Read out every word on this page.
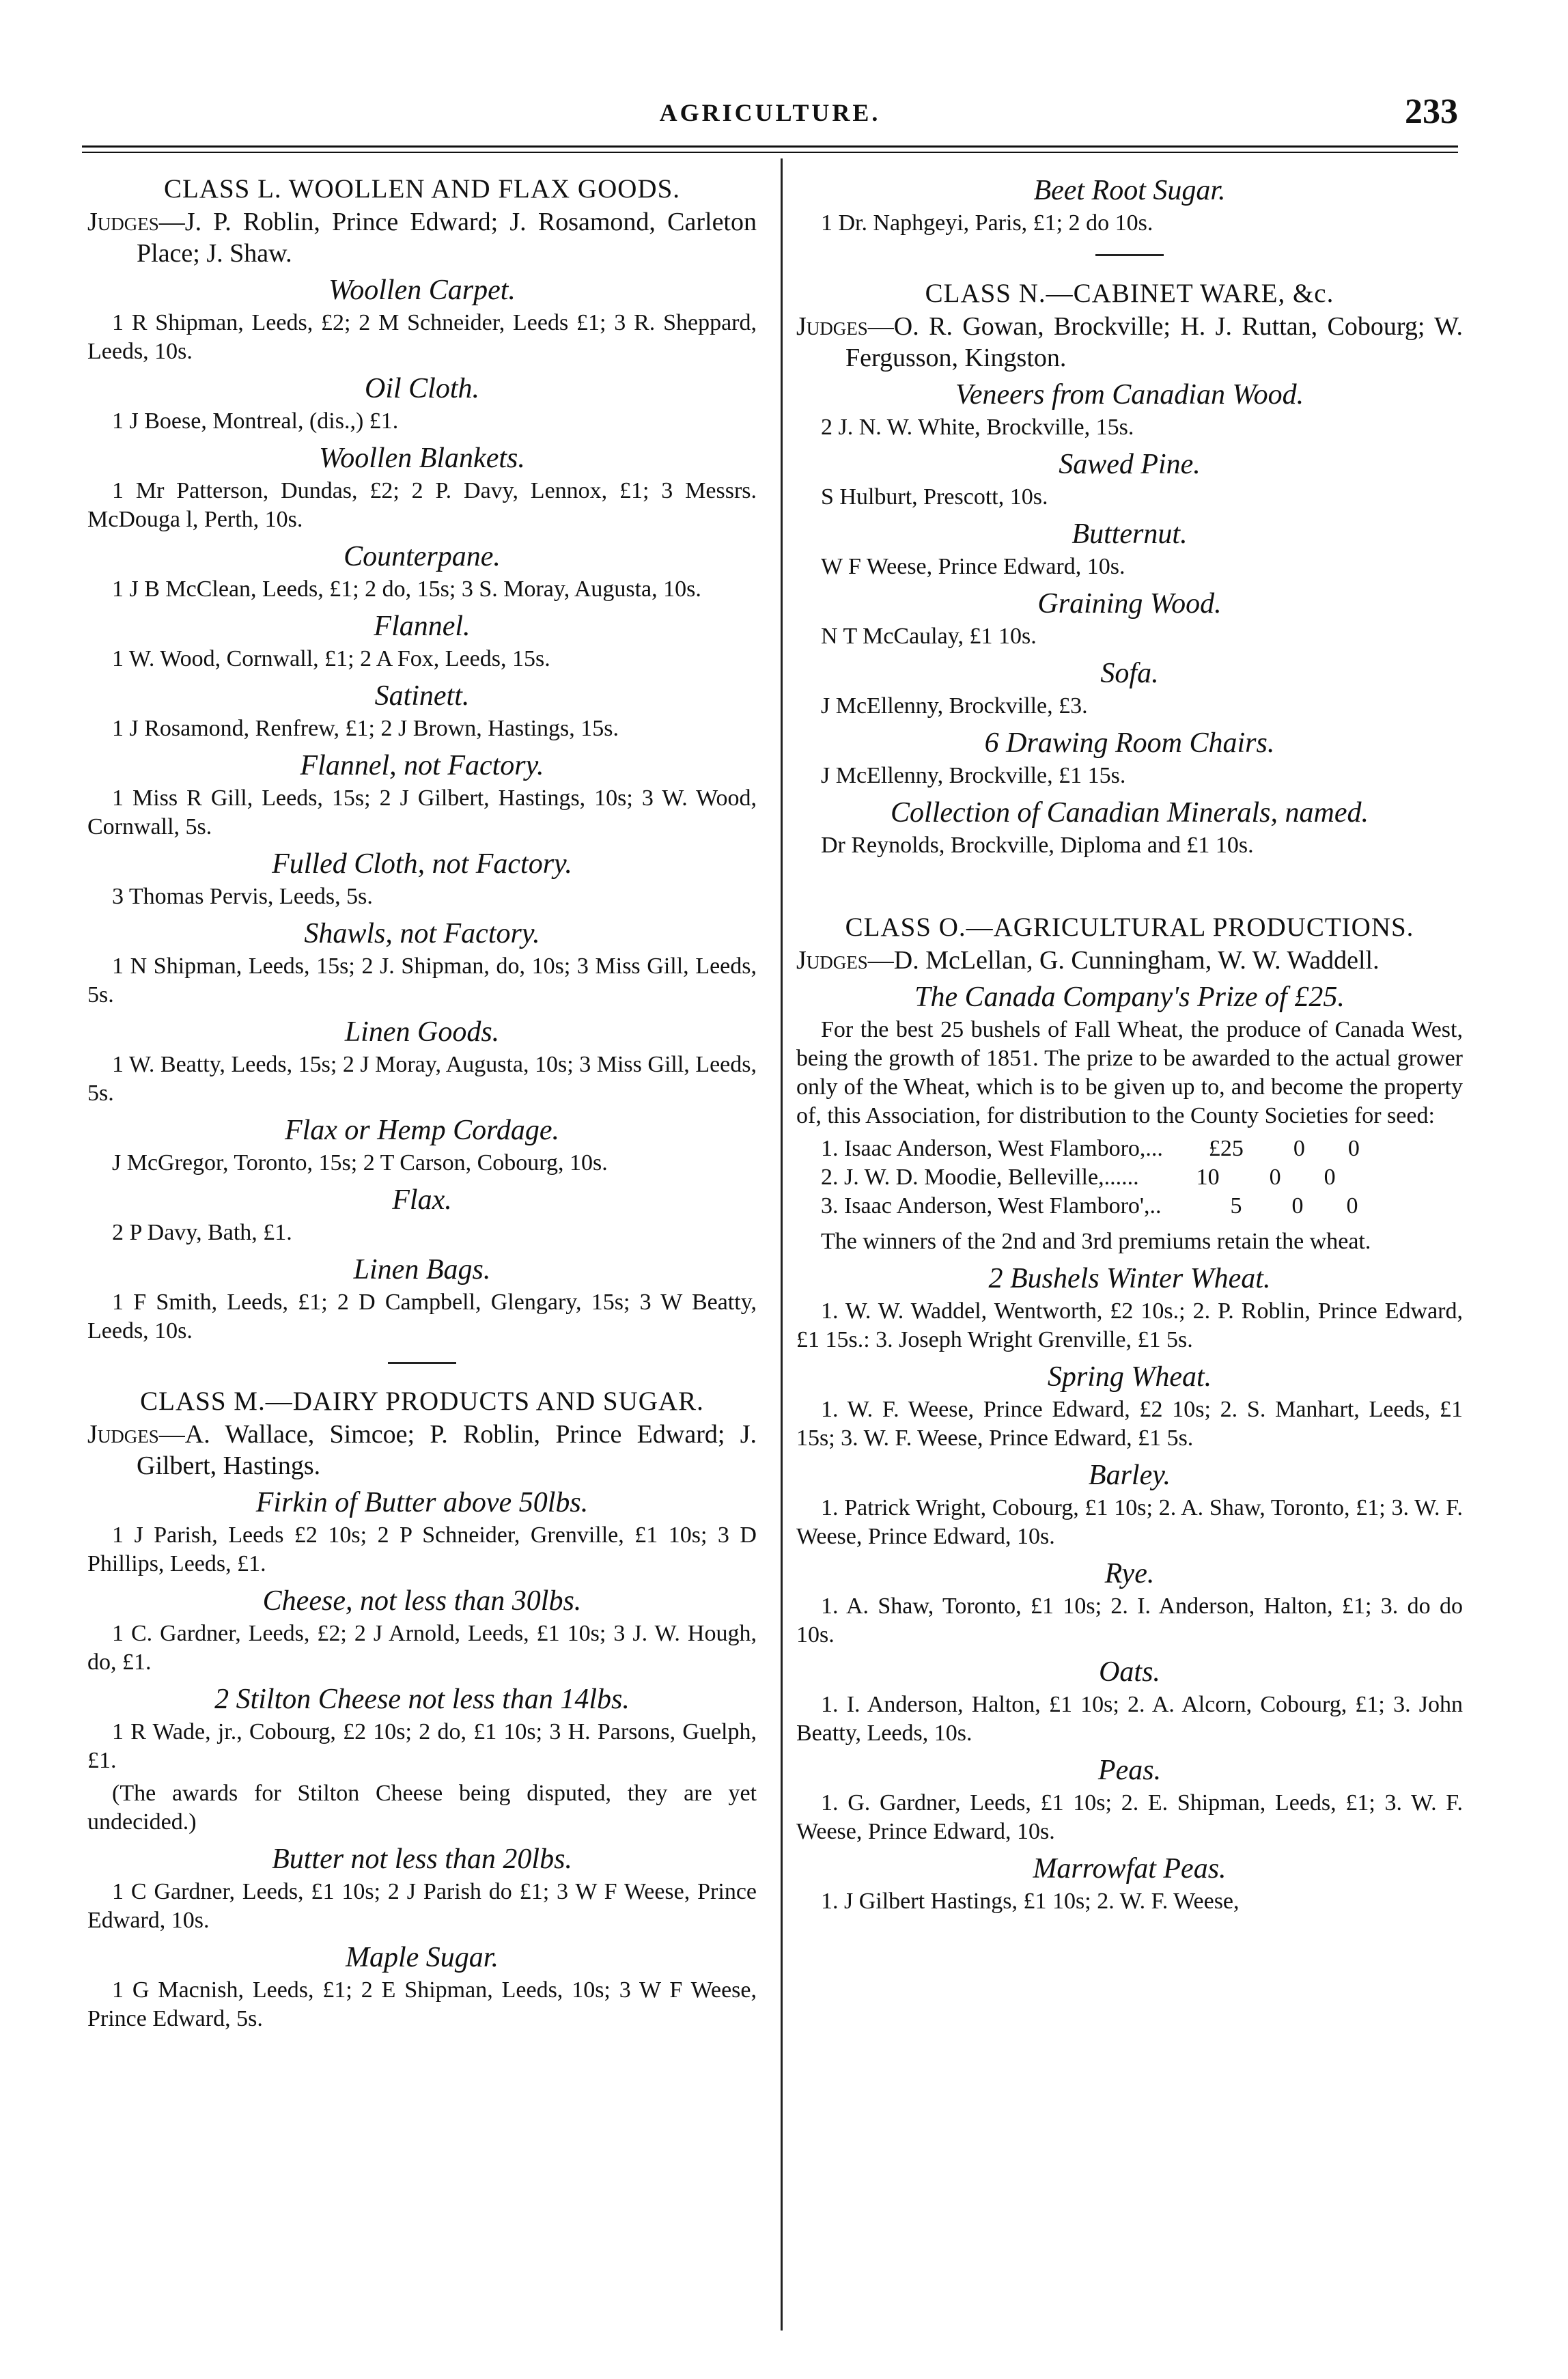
AGRICULTURE.	233
CLASS L. WOOLLEN AND FLAX GOODS.
Judges—J. P. Roblin, Prince Edward; J. Rosamond, Carleton Place; J. Shaw.
Woollen Carpet.
1 R Shipman, Leeds, £2; 2 M Schneider, Leeds £1; 3 R. Sheppard, Leeds, 10s.
Oil Cloth.
1 J Boese, Montreal, (dis.,) £1.
Woollen Blankets.
1 Mr Patterson, Dundas, £2; 2 P. Davy, Lennox, £1; 3 Messrs. McDouga l, Perth, 10s.
Counterpane.
1 J B McClean, Leeds, £1; 2 do, 15s; 3 S. Moray, Augusta, 10s.
Flannel.
1 W. Wood, Cornwall, £1; 2 A Fox, Leeds, 15s.
Satinett.
1 J Rosamond, Renfrew, £1; 2 J Brown, Hastings, 15s.
Flannel, not Factory.
1 Miss R Gill, Leeds, 15s; 2 J Gilbert, Hastings, 10s; 3 W. Wood, Cornwall, 5s.
Fulled Cloth, not Factory.
3 Thomas Pervis, Leeds, 5s.
Shawls, not Factory.
1 N Shipman, Leeds, 15s; 2 J. Shipman, do, 10s; 3 Miss Gill, Leeds, 5s.
Linen Goods.
1 W. Beatty, Leeds, 15s; 2 J Moray, Augusta, 10s; 3 Miss Gill, Leeds, 5s.
Flax or Hemp Cordage.
J McGregor, Toronto, 15s; 2 T Carson, Cobourg, 10s.
Flax.
2 P Davy, Bath, £1.
Linen Bags.
1 F Smith, Leeds, £1; 2 D Campbell, Glengary, 15s; 3 W Beatty, Leeds, 10s.
CLASS M.—DAIRY PRODUCTS AND SUGAR.
Judges—A. Wallace, Simcoe; P. Roblin, Prince Edward; J. Gilbert, Hastings.
Firkin of Butter above 50lbs.
1 J Parish, Leeds £2 10s; 2 P Schneider, Grenville, £1 10s; 3 D Phillips, Leeds, £1.
Cheese, not less than 30lbs.
1 C. Gardner, Leeds, £2; 2 J Arnold, Leeds, £1 10s; 3 J. W. Hough, do, £1.
2 Stilton Cheese not less than 14lbs.
1 R Wade, jr., Cobourg, £2 10s; 2 do, £1 10s; 3 H. Parsons, Guelph, £1.
(The awards for Stilton Cheese being disputed, they are yet undecided.)
Butter not less than 20lbs.
1 C Gardner, Leeds, £1 10s; 2 J Parish do £1; 3 W F Weese, Prince Edward, 10s.
Maple Sugar.
1 G Macnish, Leeds, £1; 2 E Shipman, Leeds, 10s; 3 W F Weese, Prince Edward, 5s.
Beet Root Sugar.
1 Dr. Naphgeyi, Paris, £1; 2 do 10s.
CLASS N.—CABINET WARE, &c.
Judges—O. R. Gowan, Brockville; H. J. Ruttan, Cobourg; W. Fergusson, Kingston.
Veneers from Canadian Wood.
2 J. N. W. White, Brockville, 15s.
Sawed Pine.
S Hulburt, Prescott, 10s.
Butternut.
W F Weese, Prince Edward, 10s.
Graining Wood.
N T McCaulay, £1 10s.
Sofa.
J McEllenny, Brockville, £3.
6 Drawing Room Chairs.
J McEllenny, Brockville, £1 15s.
Collection of Canadian Minerals, named.
Dr Reynolds, Brockville, Diploma and £1 10s.
CLASS O.—AGRICULTURAL PRODUCTIONS.
Judges—D. McLellan, G. Cunningham, W. W. Waddell.
The Canada Company's Prize of £25.
For the best 25 bushels of Fall Wheat, the produce of Canada West, being the growth of 1851. The prize to be awarded to the actual grower only of the Wheat, which is to be given up to, and become the property of, this Association, for distribution to the County Societies for seed:
1. Isaac Anderson, West Flamboro,...	£25	0	0
2. J. W. D. Moodie, Belleville,......	10	0	0
3. Isaac Anderson, West Flamboro',..	5	0	0
The winners of the 2nd and 3rd premiums retain the wheat.
2 Bushels Winter Wheat.
1. W. W. Waddel, Wentworth, £2 10s.; 2. P. Roblin, Prince Edward, £1 15s.: 3. Joseph Wright Grenville, £1 5s.
Spring Wheat.
1. W. F. Weese, Prince Edward, £2 10s; 2. S. Manhart, Leeds, £1 15s; 3. W. F. Weese, Prince Edward, £1 5s.
Barley.
1. Patrick Wright, Cobourg, £1 10s; 2. A. Shaw, Toronto, £1; 3. W. F. Weese, Prince Edward, 10s.
Rye.
1. A. Shaw, Toronto, £1 10s; 2. I. Anderson, Halton, £1; 3. do do 10s.
Oats.
1. I. Anderson, Halton, £1 10s; 2. A. Alcorn, Cobourg, £1; 3. John Beatty, Leeds, 10s.
Peas.
1. G. Gardner, Leeds, £1 10s; 2. E. Shipman, Leeds, £1; 3. W. F. Weese, Prince Edward, 10s.
Marrowfat Peas.
1. J Gilbert Hastings, £1 10s; 2. W. F. Weese,
